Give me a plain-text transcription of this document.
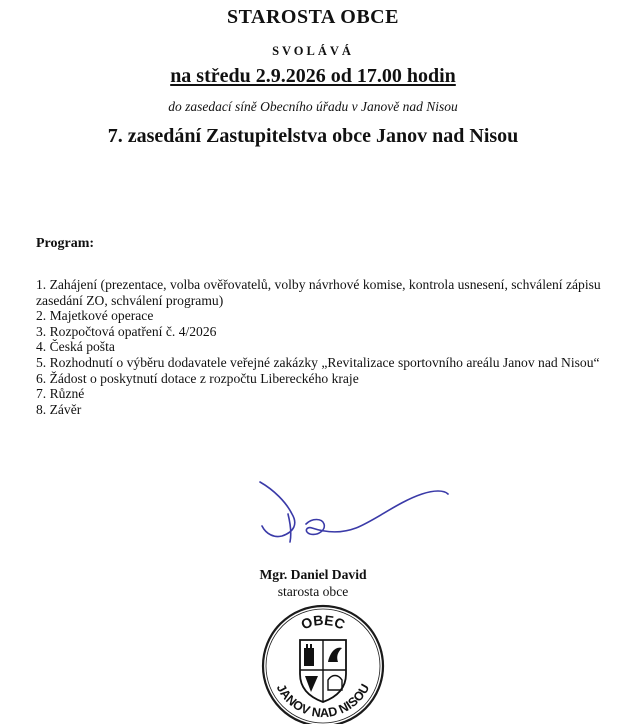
STAROSTA OBCE
SVOLÁVÁ
na středu 2.9.2026 od 17.00 hodin
do zasedací síně Obecního úřadu v Janově nad Nisou
7. zasedání Zastupitelstva obce Janov nad Nisou
Program:
1. Zahájení (prezentace, volba ověřovatelů, volby návrhové komise, kontrola usnesení, schválení zápisu zasedání ZO, schválení programu)
2. Majetkové operace
3. Rozpočtová opatření č. 4/2026
4. Česká pošta
5. Rozhodnutí o výběru dodavatele veřejné zakázky „Revitalizace sportovního areálu Janov nad Nisou“
6. Žádost o poskytnutí dotace z rozpočtu Libereckého kraje
7. Různé
8. Závěr
Mgr. Daniel David
starosta obce
OBEC
JANOV NAD NISOU
